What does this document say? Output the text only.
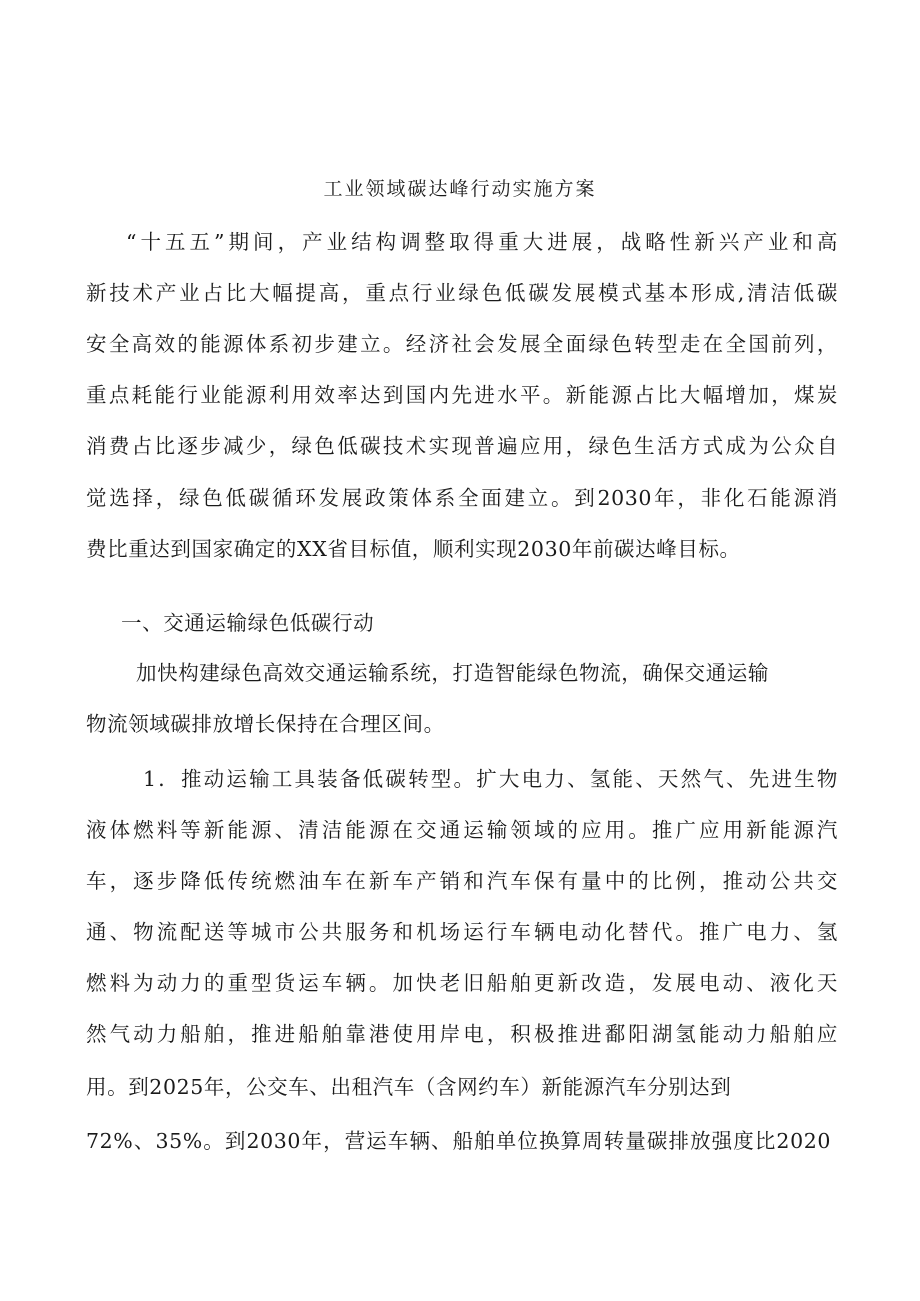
工业领域碳达峰行动实施方案
“十五五”期间，产业结构调整取得重大进展，战略性新兴产业和高
新技术产业占比大幅提高，重点行业绿色低碳发展模式基本形成,清洁低碳
安全高效的能源体系初步建立。经济社会发展全面绿色转型走在全国前列，
重点耗能行业能源利用效率达到国内先进水平。新能源占比大幅增加，煤炭
消费占比逐步减少，绿色低碳技术实现普遍应用，绿色生活方式成为公众自
觉选择，绿色低碳循环发展政策体系全面建立。到2030年，非化石能源消
费比重达到国家确定的XX省目标值，顺利实现2030年前碳达峰目标。
一、交通运输绿色低碳行动
加快构建绿色高效交通运输系统，打造智能绿色物流，确保交通运输
物流领域碳排放增长保持在合理区间。
1．推动运输工具装备低碳转型。扩大电力、氢能、天然气、先进生物
液体燃料等新能源、清洁能源在交通运输领域的应用。推广应用新能源汽
车，逐步降低传统燃油车在新车产销和汽车保有量中的比例，推动公共交
通、物流配送等城市公共服务和机场运行车辆电动化替代。推广电力、氢
燃料为动力的重型货运车辆。加快老旧船舶更新改造，发展电动、液化天
然气动力船舶，推进船舶靠港使用岸电，积极推进鄱阳湖氢能动力船舶应
用。到2025年，公交车、出租汽车（含网约车）新能源汽车分别达到
72%、35%。到2030年，营运车辆、船舶单位换算周转量碳排放强度比2020
